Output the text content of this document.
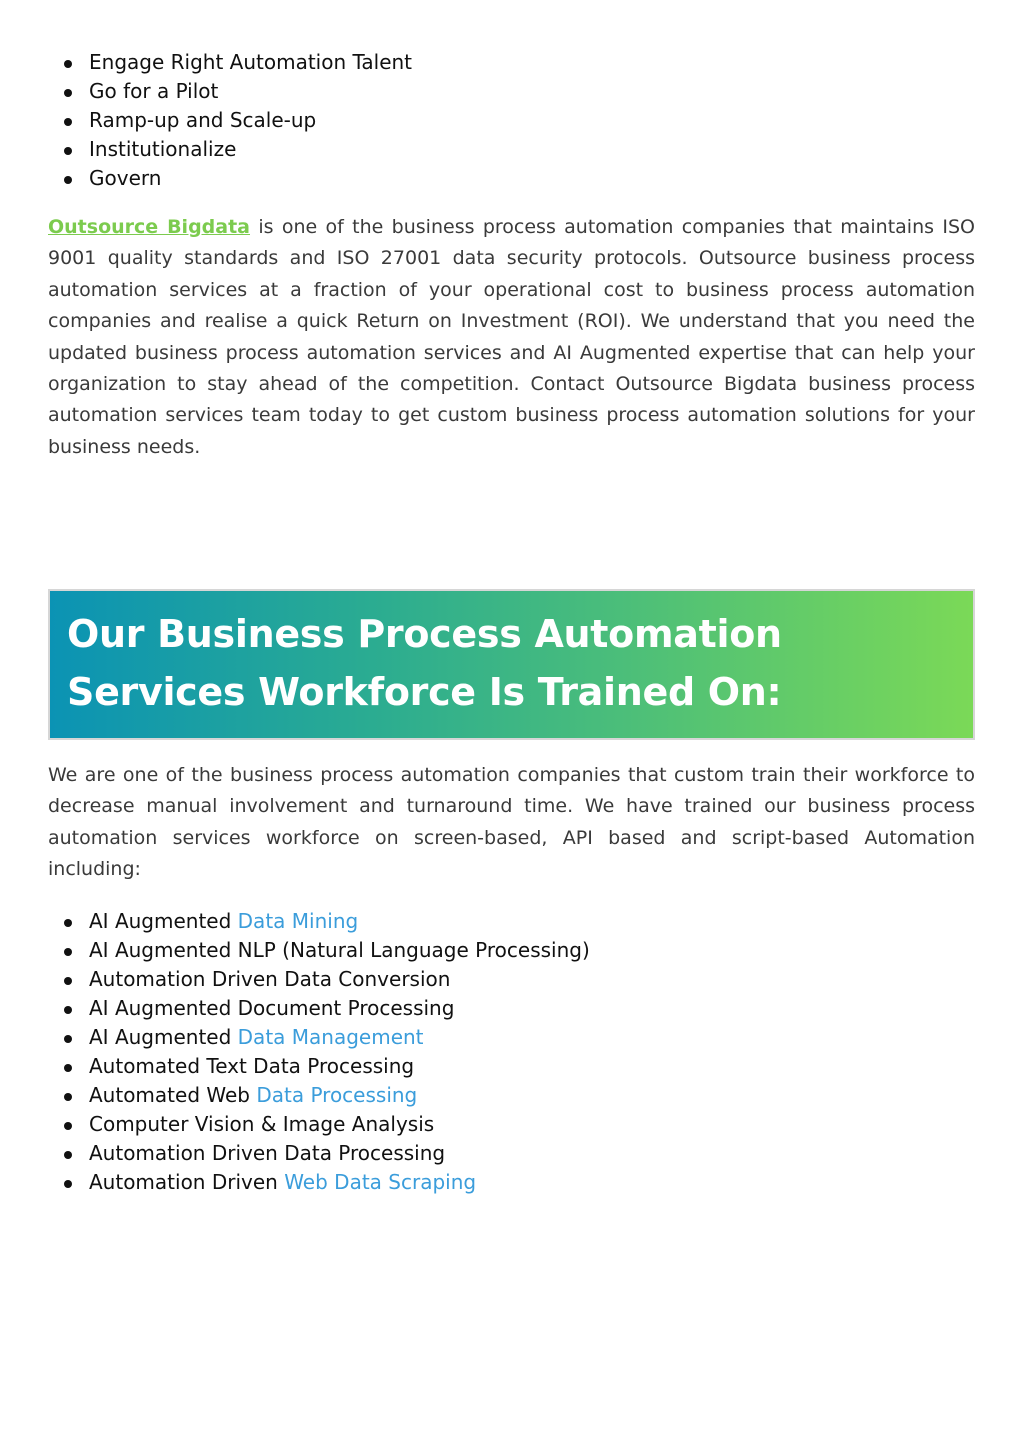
Engage Right Automation Talent
Go for a Pilot
Ramp-up and Scale-up
Institutionalize
Govern

Outsource Bigdata is one of the business process automation companies that maintains ISO 9001 quality standards and ISO 27001 data security protocols. Outsource business process automation services at a fraction of your operational cost to business process automation companies and realise a quick Return on Investment (ROI). We understand that you need the updated business process automation services and AI Augmented expertise that can help your organization to stay ahead of the competition. Contact Outsource Bigdata business process automation services team today to get custom business process automation solutions for your business needs.

Our Business Process Automation Services Workforce Is Trained On:

We are one of the business process automation companies that custom train their workforce to decrease manual involvement and turnaround time. We have trained our business process automation services workforce on screen-based, API based and script-based Automation including:

AI Augmented Data Mining
AI Augmented NLP (Natural Language Processing)
Automation Driven Data Conversion
AI Augmented Document Processing
AI Augmented Data Management
Automated Text Data Processing
Automated Web Data Processing
Computer Vision & Image Analysis
Automation Driven Data Processing
Automation Driven Web Data Scraping
